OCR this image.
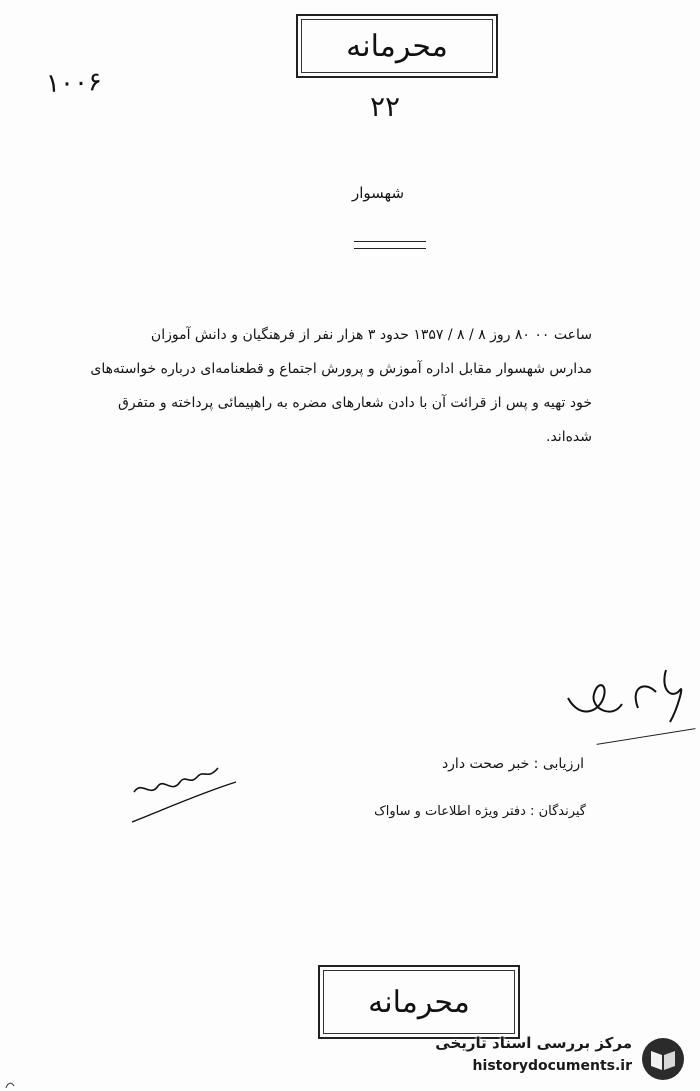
محرمانه
۱۰۰۶
۲۲
شهسوار
ساعت ۰۰ ۸۰ روز ۸ / ۸ / ۱۳۵۷ حدود ۳ هزار نفر از فرهنگیان و دانش آموزان
مدارس شهسوار مقابل اداره آموزش و پرورش اجتماع و قطعنامه‌ای درباره خواسته‌های
خود تهیه و پس از قرائت آن با دادن شعارهای مضره به راهپیمائی پرداخته و متفرق
شده‌اند.
ارزیابی : خبر صحت دارد
گیرندگان : دفتر ویژه اطلاعات و ساواک
محرمانه
مرکز بررسی اسناد تاریخی
historydocuments.ir
